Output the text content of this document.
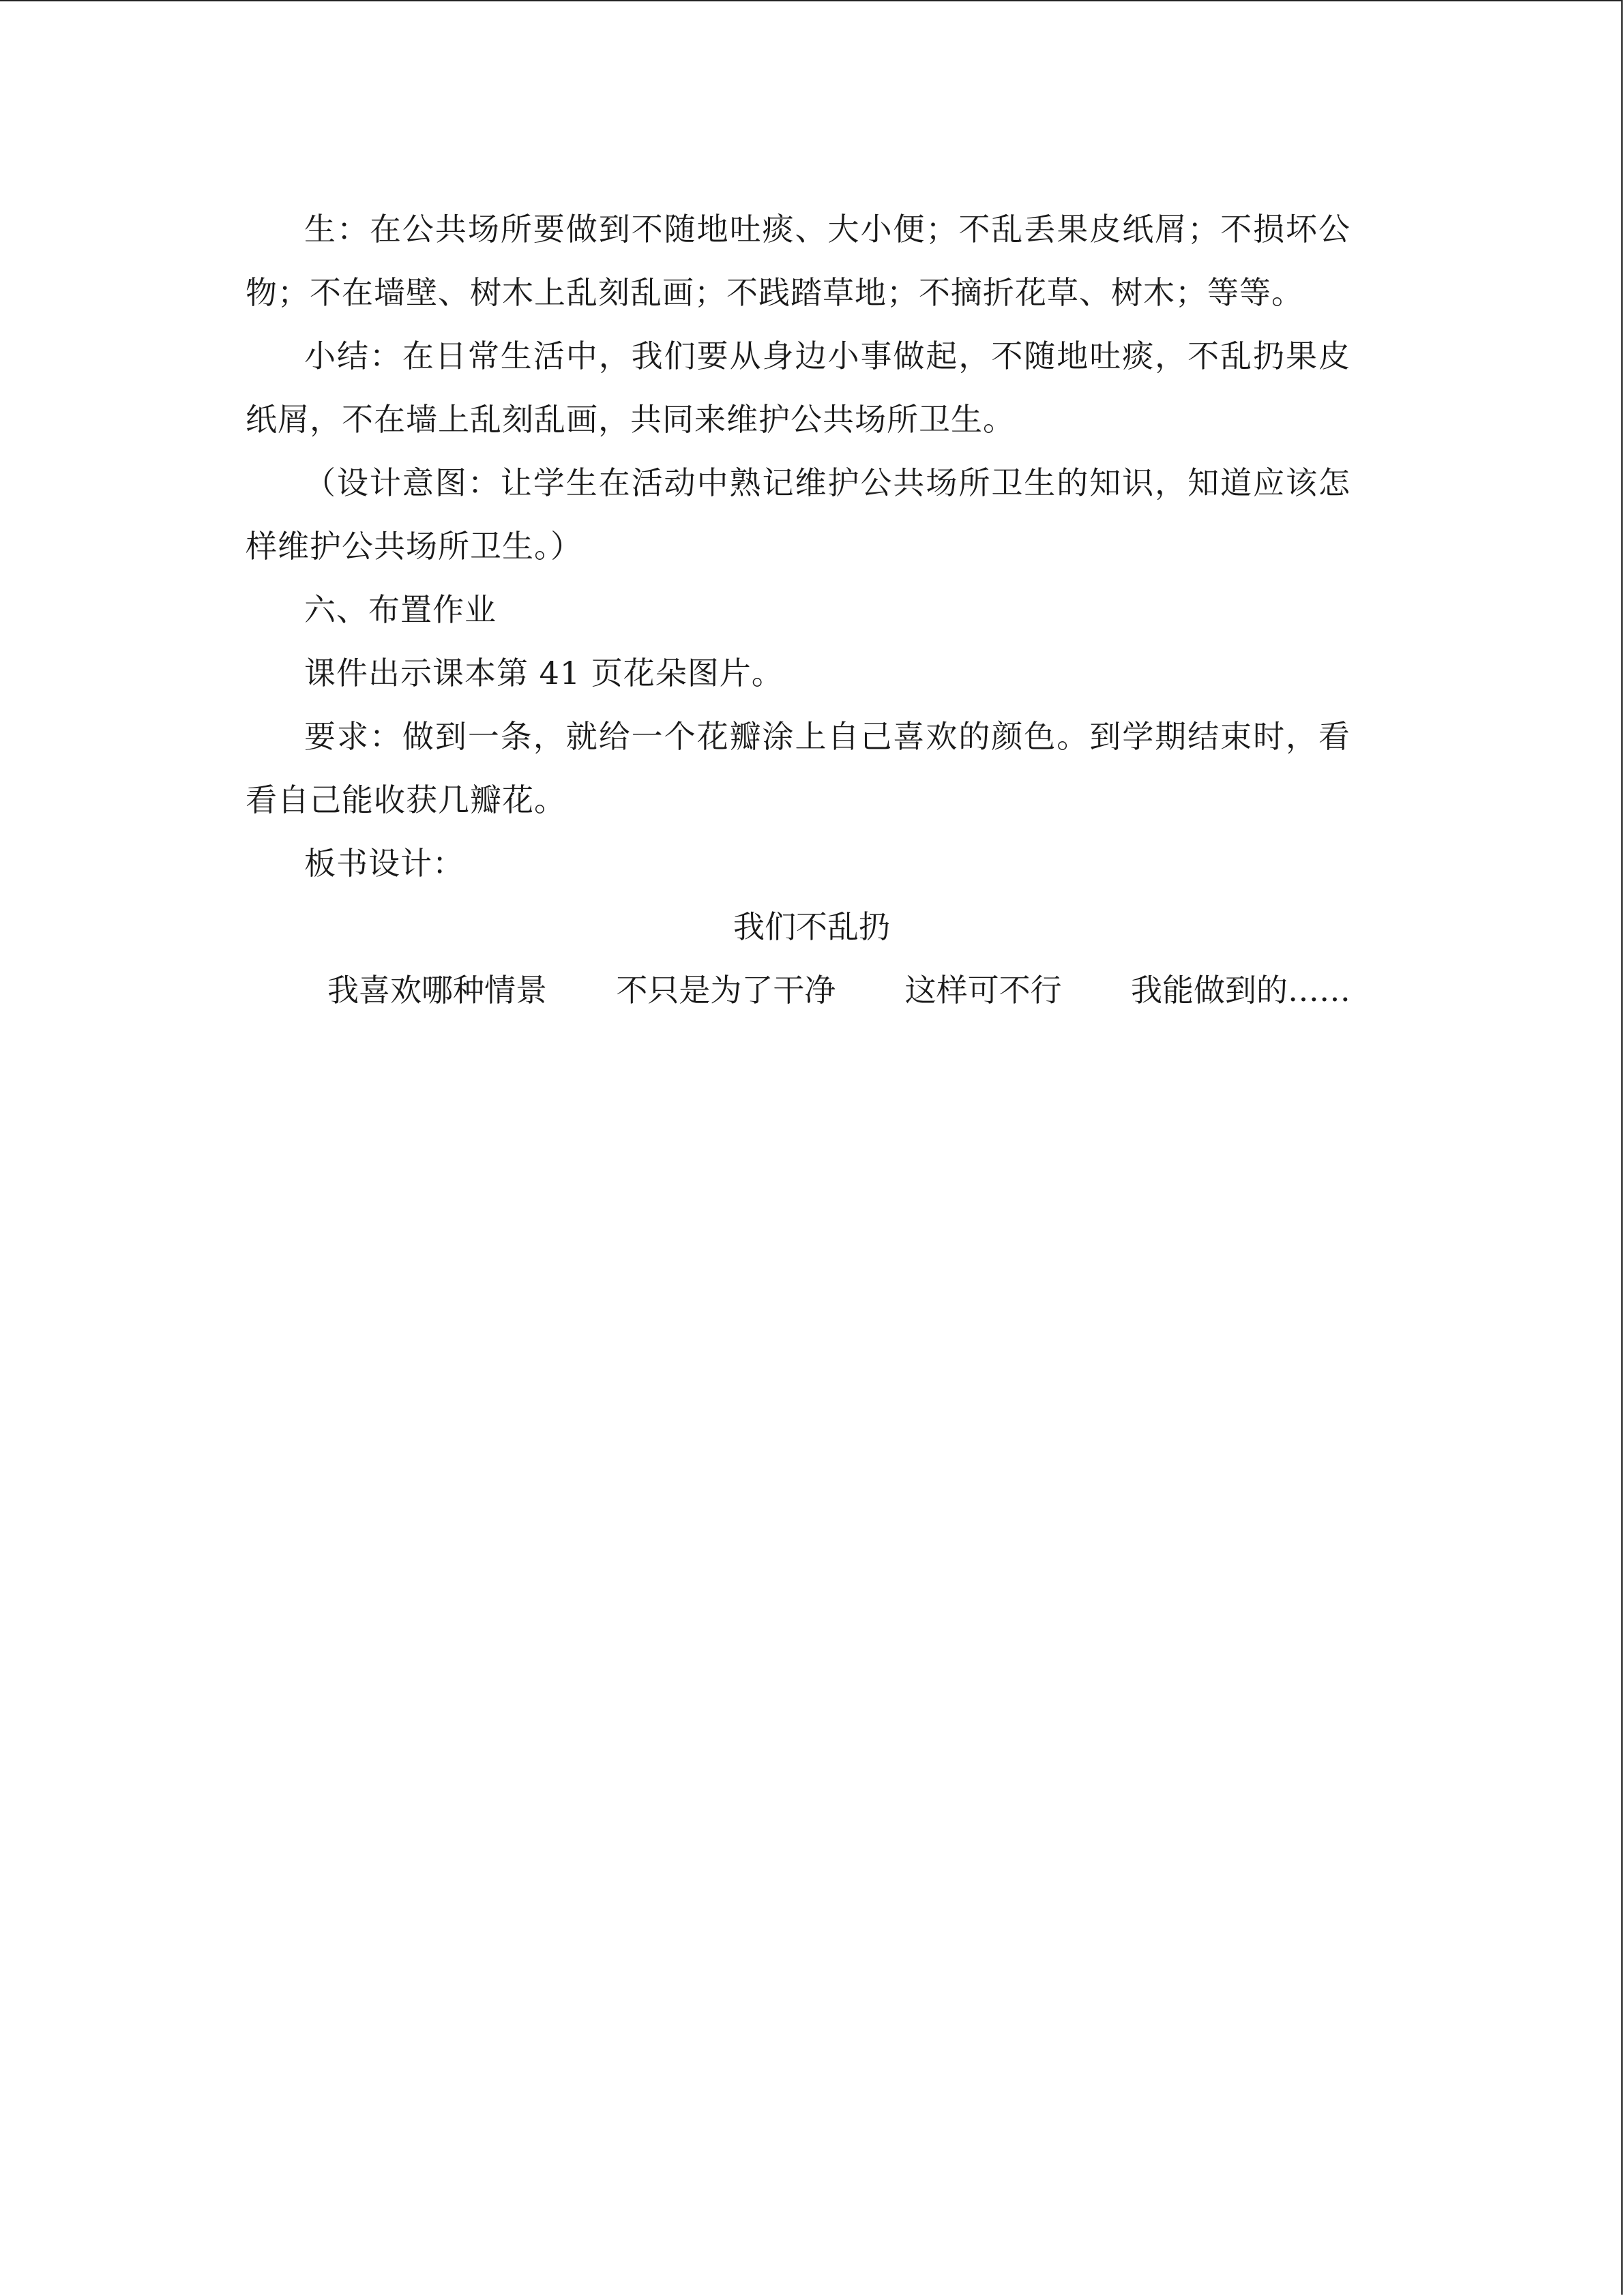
生：在公共场所要做到不随地吐痰、大小便；不乱丢果皮纸屑；不损坏公物；不在墙壁、树木上乱刻乱画；不践踏草地；不摘折花草、树木；等等。

小结：在日常生活中，我们要从身边小事做起，不随地吐痰，不乱扔果皮纸屑，不在墙上乱刻乱画，共同来维护公共场所卫生。

（设计意图：让学生在活动中熟记维护公共场所卫生的知识，知道应该怎样维护公共场所卫生。）

六、布置作业

课件出示课本第 41 页花朵图片。

要求：做到一条，就给一个花瓣涂上自己喜欢的颜色。到学期结束时，看看自己能收获几瓣花。

板书设计：

我们不乱扔

我喜欢哪种情景 不只是为了干净 这样可不行 我能做到的……
